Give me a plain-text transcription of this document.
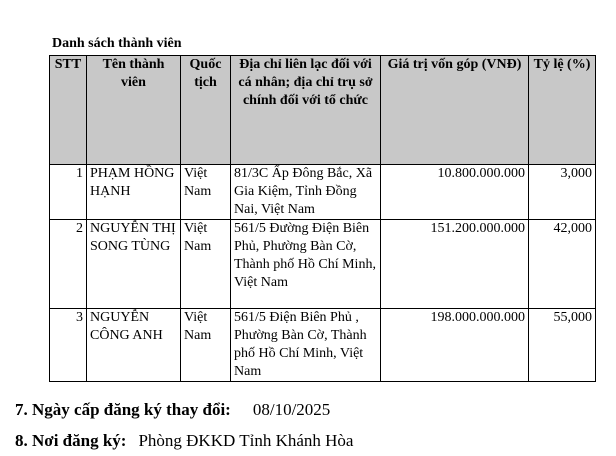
Danh sách thành viên
STT	Tên thành viên	Quốc tịch	Địa chỉ liên lạc đối với cá nhân; địa chỉ trụ sở chính đối với tổ chức	Giá trị vốn góp (VNĐ)	Tỷ lệ (%)
1	PHẠM HỒNG HẠNH	Việt Nam	81/3C Ấp Đông Bắc, Xã Gia Kiệm, Tỉnh Đồng Nai, Việt Nam	10.800.000.000	3,000
2	NGUYỄN THỊ SONG TÙNG	Việt Nam	561/5 Đường Điện Biên Phủ, Phường Bàn Cờ, Thành phố Hồ Chí Minh, Việt Nam	151.200.000.000	42,000
3	NGUYỄN CÔNG ANH	Việt Nam	561/5 Điện Biên Phủ , Phường Bàn Cờ, Thành phố Hồ Chí Minh, Việt Nam	198.000.000.000	55,000
7. Ngày cấp đăng ký thay đổi: 08/10/2025
8. Nơi đăng ký: Phòng ĐKKD Tỉnh Khánh Hòa
